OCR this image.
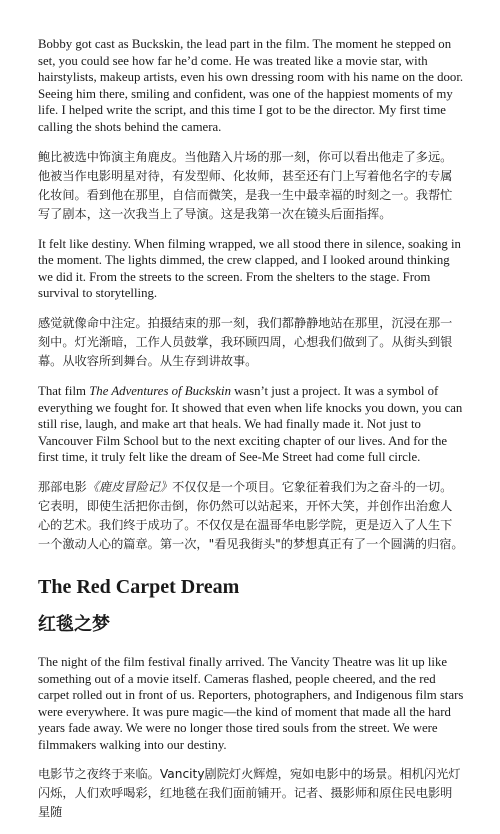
Bobby got cast as Buckskin, the lead part in the film. The moment he stepped on set, you could see how far he’d come. He was treated like a movie star, with hairstylists, makeup artists, even his own dressing room with his name on the door. Seeing him there, smiling and confident, was one of the happiest moments of my life. I helped write the script, and this time I got to be the director. My first time calling the shots behind the camera.

鲍比被选中饰演主角鹿皮。当他踏入片场的那一刻，你可以看出他走了多远。他被当作电影明星对待，有发型师、化妆师，甚至还有门上写着他名字的专属化妆间。看到他在那里，自信而微笑，是我一生中最幸福的时刻之一。我帮忙写了剧本，这一次我当上了导演。这是我第一次在镜头后面指挥。

It felt like destiny. When filming wrapped, we all stood there in silence, soaking in the moment. The lights dimmed, the crew clapped, and I looked around thinking we did it. From the streets to the screen. From the shelters to the stage. From survival to storytelling.

感觉就像命中注定。拍摄结束的那一刻，我们都静静地站在那里，沉浸在那一刻中。灯光渐暗，工作人员鼓掌，我环顾四周，心想我们做到了。从街头到银幕。从收容所到舞台。从生存到讲故事。

That film The Adventures of Buckskin wasn’t just a project. It was a symbol of everything we fought for. It showed that even when life knocks you down, you can still rise, laugh, and make art that heals. We had finally made it. Not just to Vancouver Film School but to the next exciting chapter of our lives. And for the first time, it truly felt like the dream of See-Me Street had come full circle.

那部电影《鹿皮冒险记》不仅仅是一个项目。它象征着我们为之奋斗的一切。它表明，即使生活把你击倒，你仍然可以站起来，开怀大笑，并创作出治愈人心的艺术。我们终于成功了。不仅仅是在温哥华电影学院，更是迈入了人生下一个激动人心的篇章。第一次，"看见我街头"的梦想真正有了一个圆满的归宿。

The Red Carpet Dream
红毯之梦

The night of the film festival finally arrived. The Vancity Theatre was lit up like something out of a movie itself. Cameras flashed, people cheered, and the red carpet rolled out in front of us. Reporters, photographers, and Indigenous film stars were everywhere. It was pure magic—the kind of moment that made all the hard years fade away. We were no longer those tired souls from the street. We were filmmakers walking into our destiny.

电影节之夜终于来临。Vancity剧院灯火辉煌，宛如电影中的场景。相机闪光灯闪烁，人们欢呼喝彩，红地毯在我们面前铺开。记者、摄影师和原住民电影明星随
